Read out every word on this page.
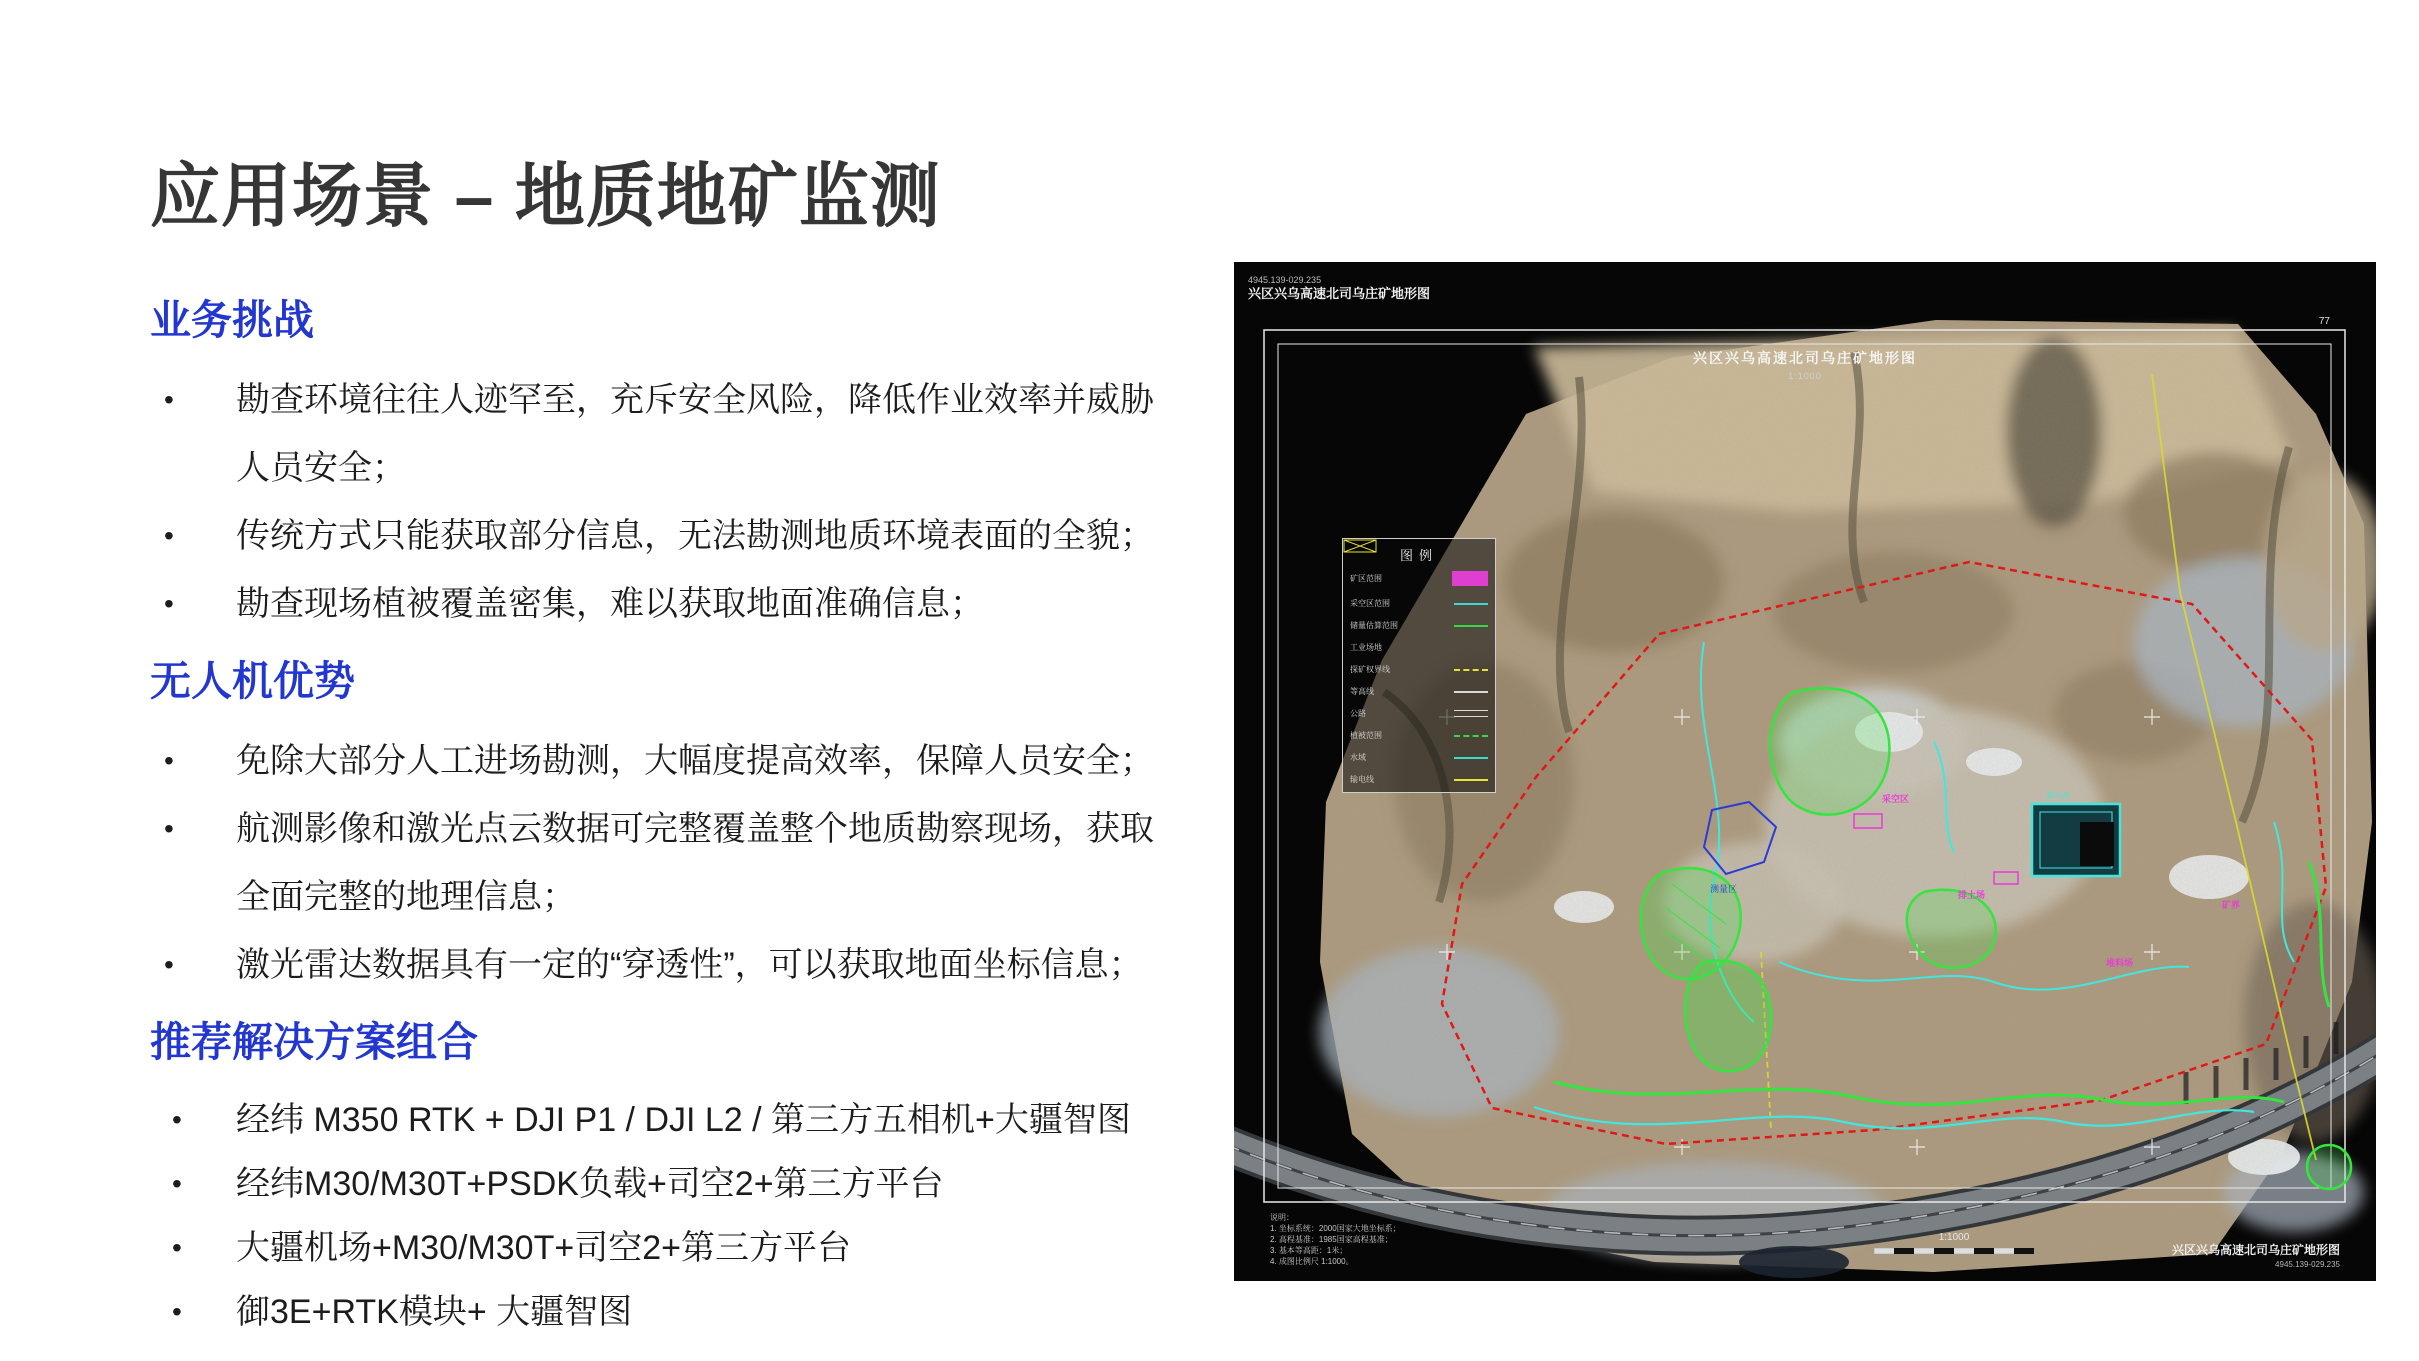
应用场景 – 地质地矿监测
业务挑战
•	勘查环境往往人迹罕至，充斥安全风险，降低作业效率并威胁
人员安全；
•	传统方式只能获取部分信息，无法勘测地质环境表面的全貌；
•	勘查现场植被覆盖密集，难以获取地面准确信息；
无人机优势
•	免除大部分人工进场勘测，大幅度提高效率，保障人员安全；
•	航测影像和激光点云数据可完整覆盖整个地质勘察现场，获取
全面完整的地理信息；
•	激光雷达数据具有一定的“穿透性”，可以获取地面坐标信息；
推荐解决方案组合
•	经纬 M350 RTK + DJI P1 / DJI L2 / 第三方五相机+大疆智图
•	经纬M30/M30T+PSDK负载+司空2+第三方平台
•	大疆机场+M30/M30T+司空2+第三方平台
•	御3E+RTK模块+ 大疆智图
测量区
采空区
排土场
堆料场
矿界
蓄水池
1:1000
4945.139-029.235
兴区兴乌高速北司乌庄矿地形图
兴区兴乌高速北司乌庄矿地形图
1:1000
77
图例
矿区范围
采空区范围
储量估算范围
工业场地
探矿权界线
等高线
公路
植被范围
水域
输电线
说明：
1. 坐标系统：2000国家大地坐标系；
2. 高程基准：1985国家高程基准；
3. 基本等高距：1米；
4. 成图比例尺 1:1000。
兴区兴乌高速北司乌庄矿地形图
4945.139-029.235
